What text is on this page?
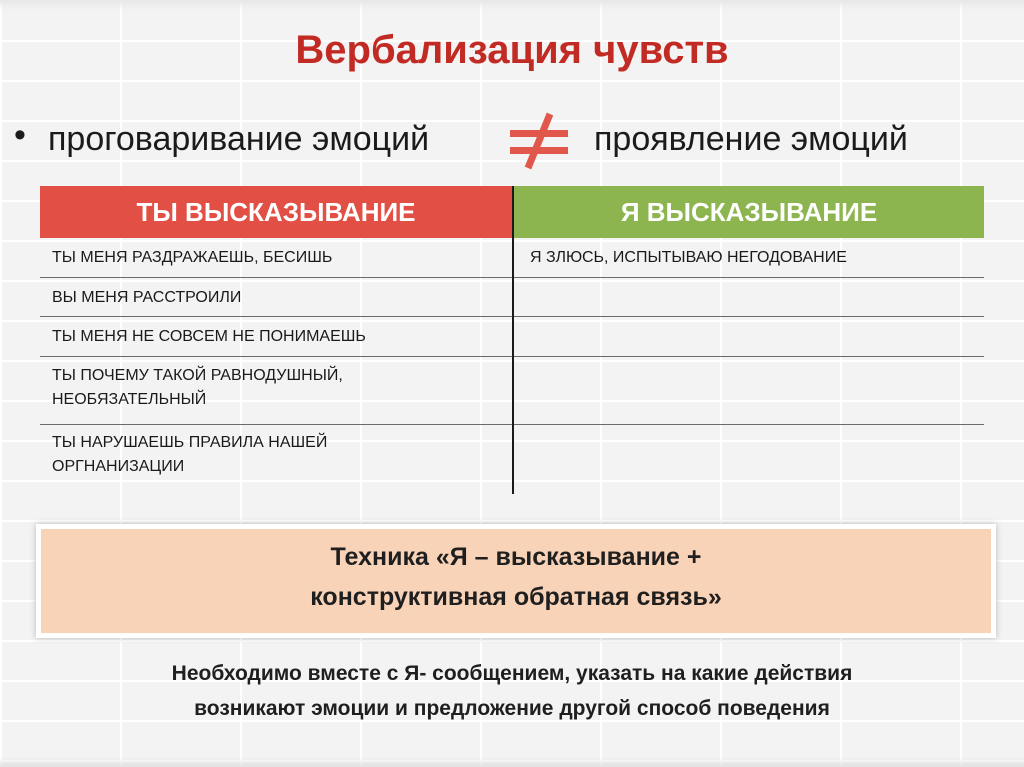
Вербализация чувств
• проговаривание эмоций	проявление эмоций
ТЫ ВЫСКАЗЫВАНИЕ	Я ВЫСКАЗЫВАНИЕ
ТЫ МЕНЯ РАЗДРАЖАЕШЬ, БЕСИШЬ	Я ЗЛЮСЬ, ИСПЫТЫВАЮ НЕГОДОВАНИЕ
ВЫ МЕНЯ РАССТРОИЛИ
ТЫ МЕНЯ НЕ СОВСЕМ НЕ ПОНИМАЕШЬ
ТЫ ПОЧЕМУ ТАКОЙ РАВНОДУШНЫЙ,
НЕОБЯЗАТЕЛЬНЫЙ
ТЫ НАРУШАЕШЬ ПРАВИЛА НАШЕЙ
ОРГНАНИЗАЦИИ
Техника «Я – высказывание +
конструктивная обратная связь»
Необходимо вместе с Я- сообщением, указать на какие действия
возникают эмоции и предложение другой способ поведения
